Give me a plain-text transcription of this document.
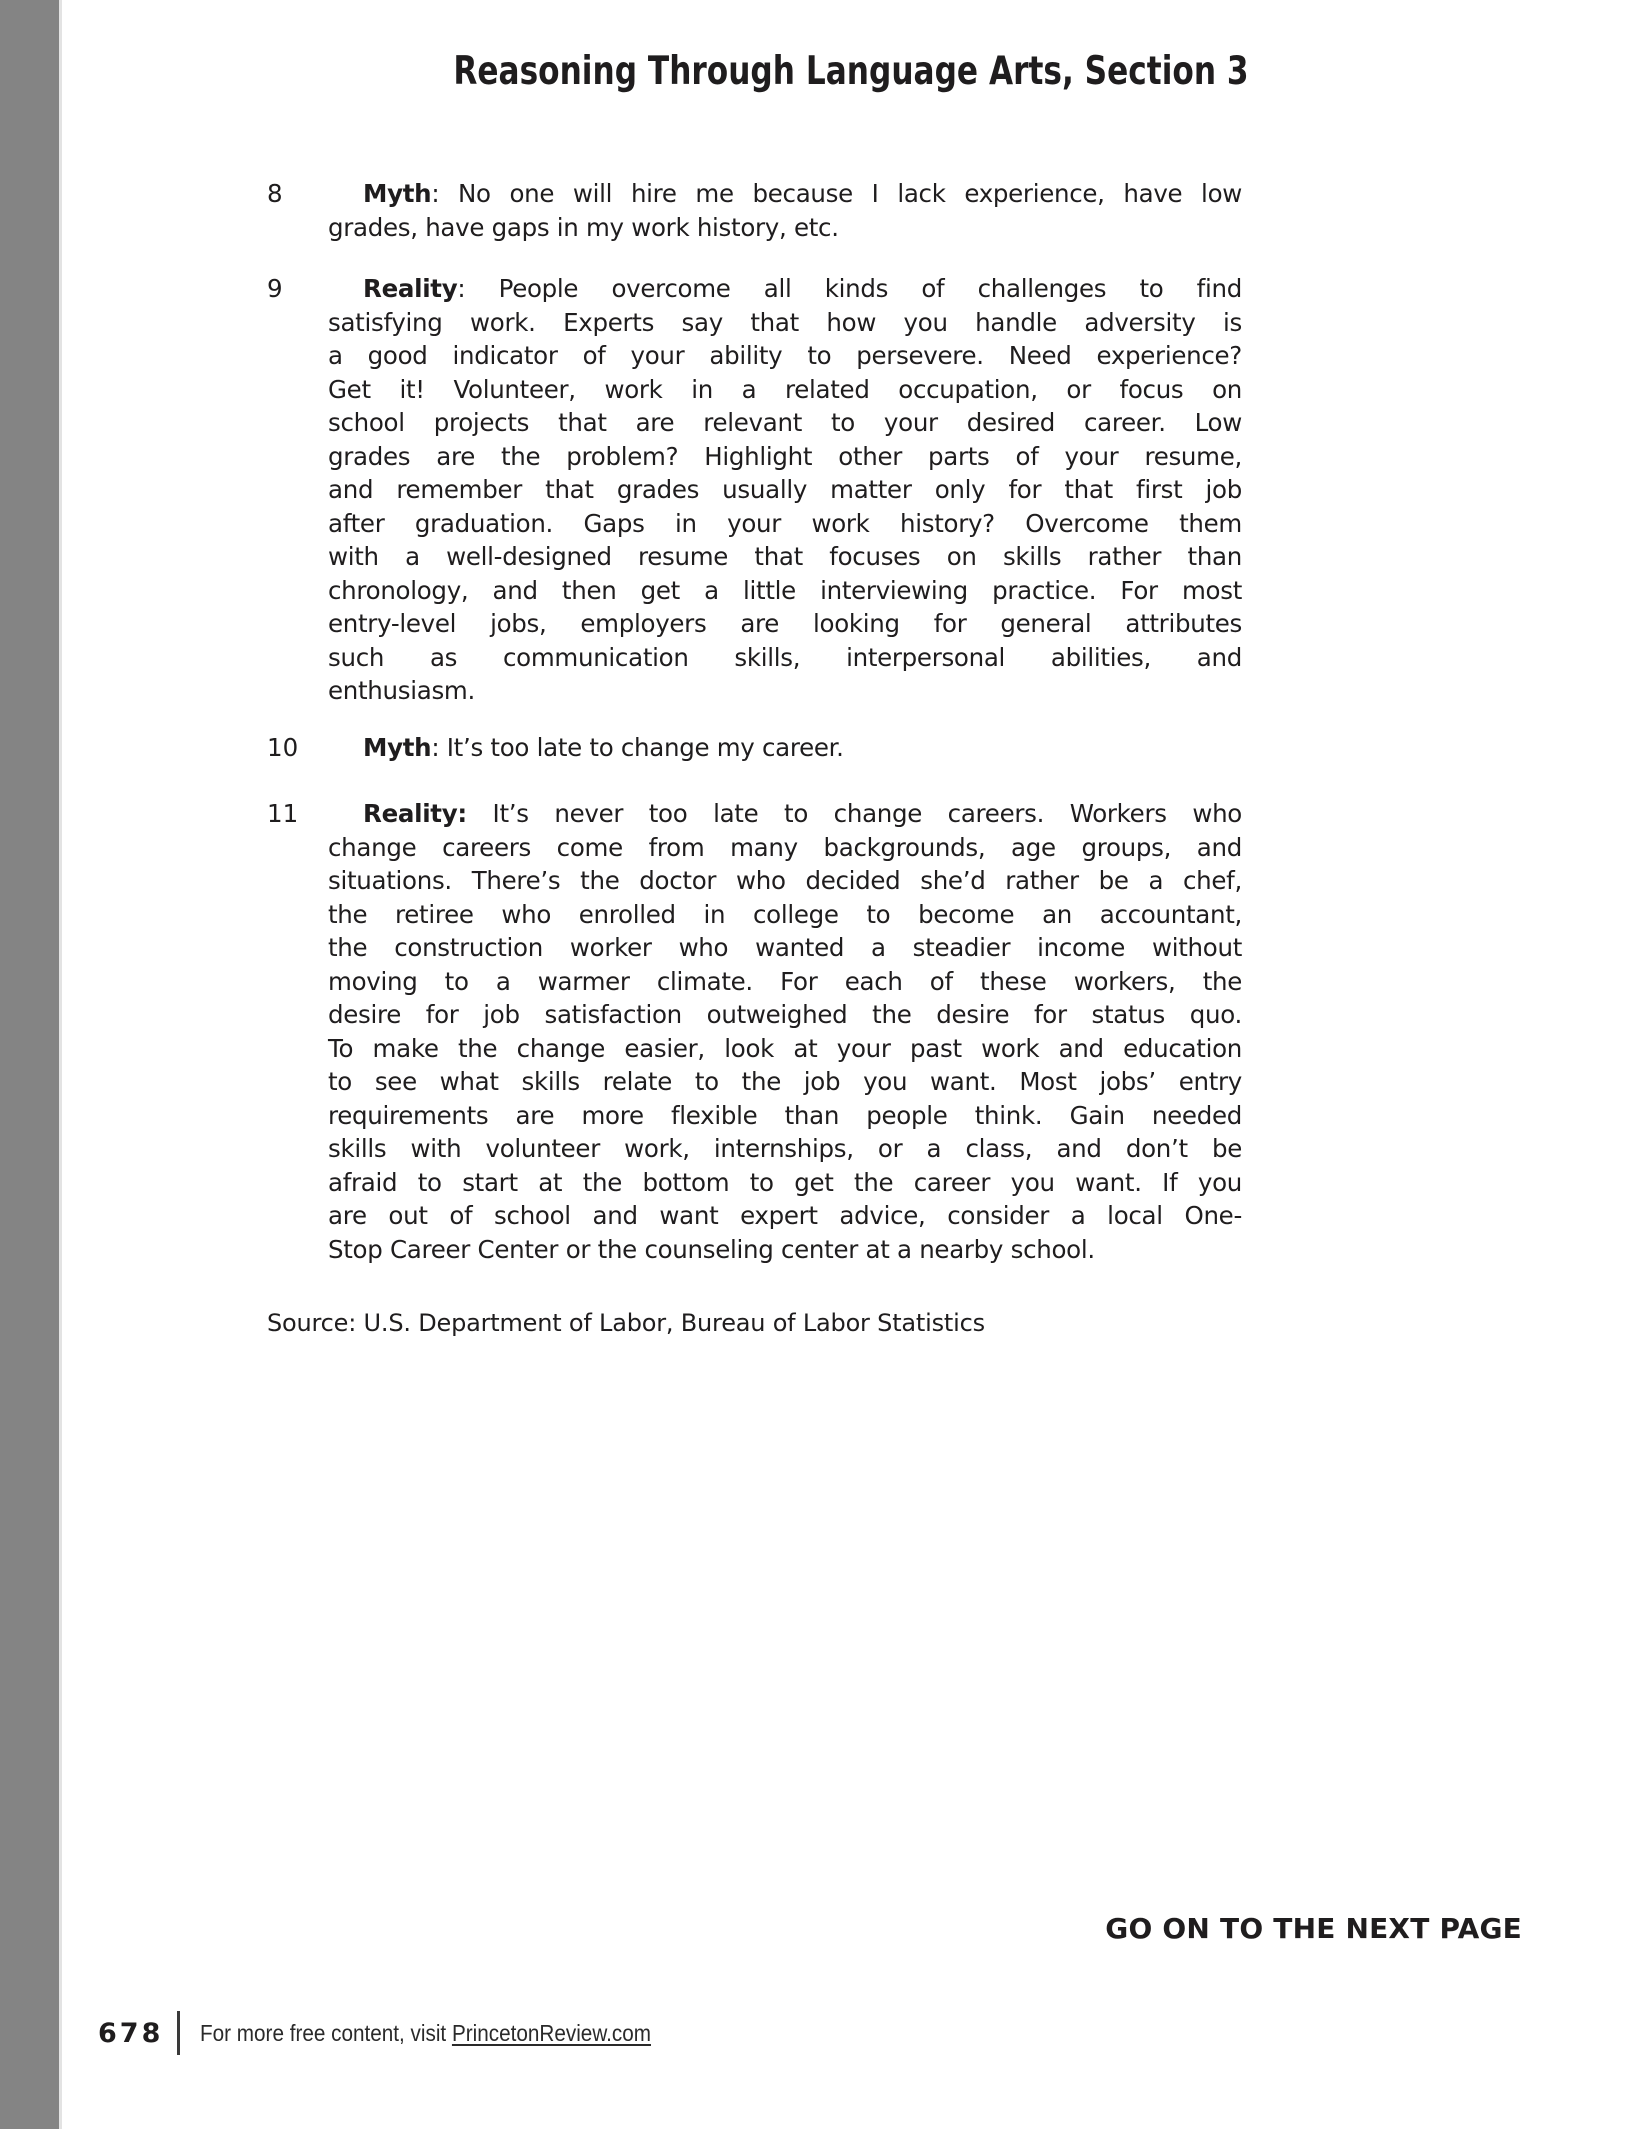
Reasoning Through Language Arts, Section 3
8	Myth: No one will hire me because I lack experience, have low
grades, have gaps in my work history, etc.
9	Reality: People overcome all kinds of challenges to find
satisfying work. Experts say that how you handle adversity is
a good indicator of your ability to persevere. Need experience?
Get it! Volunteer, work in a related occupation, or focus on
school projects that are relevant to your desired career. Low
grades are the problem? Highlight other parts of your resume,
and remember that grades usually matter only for that first job
after graduation. Gaps in your work history? Overcome them
with a well-designed resume that focuses on skills rather than
chronology, and then get a little interviewing practice. For most
entry-level jobs, employers are looking for general attributes
such as communication skills, interpersonal abilities, and
enthusiasm.
10	Myth: It’s too late to change my career.
11	Reality: It’s never too late to change careers. Workers who
change careers come from many backgrounds, age groups, and
situations. There’s the doctor who decided she’d rather be a chef,
the retiree who enrolled in college to become an accountant,
the construction worker who wanted a steadier income without
moving to a warmer climate. For each of these workers, the
desire for job satisfaction outweighed the desire for status quo.
To make the change easier, look at your past work and education
to see what skills relate to the job you want. Most jobs’ entry
requirements are more flexible than people think. Gain needed
skills with volunteer work, internships, or a class, and don’t be
afraid to start at the bottom to get the career you want. If you
are out of school and want expert advice, consider a local One-
Stop Career Center or the counseling center at a nearby school.
Source: U.S. Department of Labor, Bureau of Labor Statistics
GO ON TO THE NEXT PAGE
678 For more free content, visit PrincetonReview.com
